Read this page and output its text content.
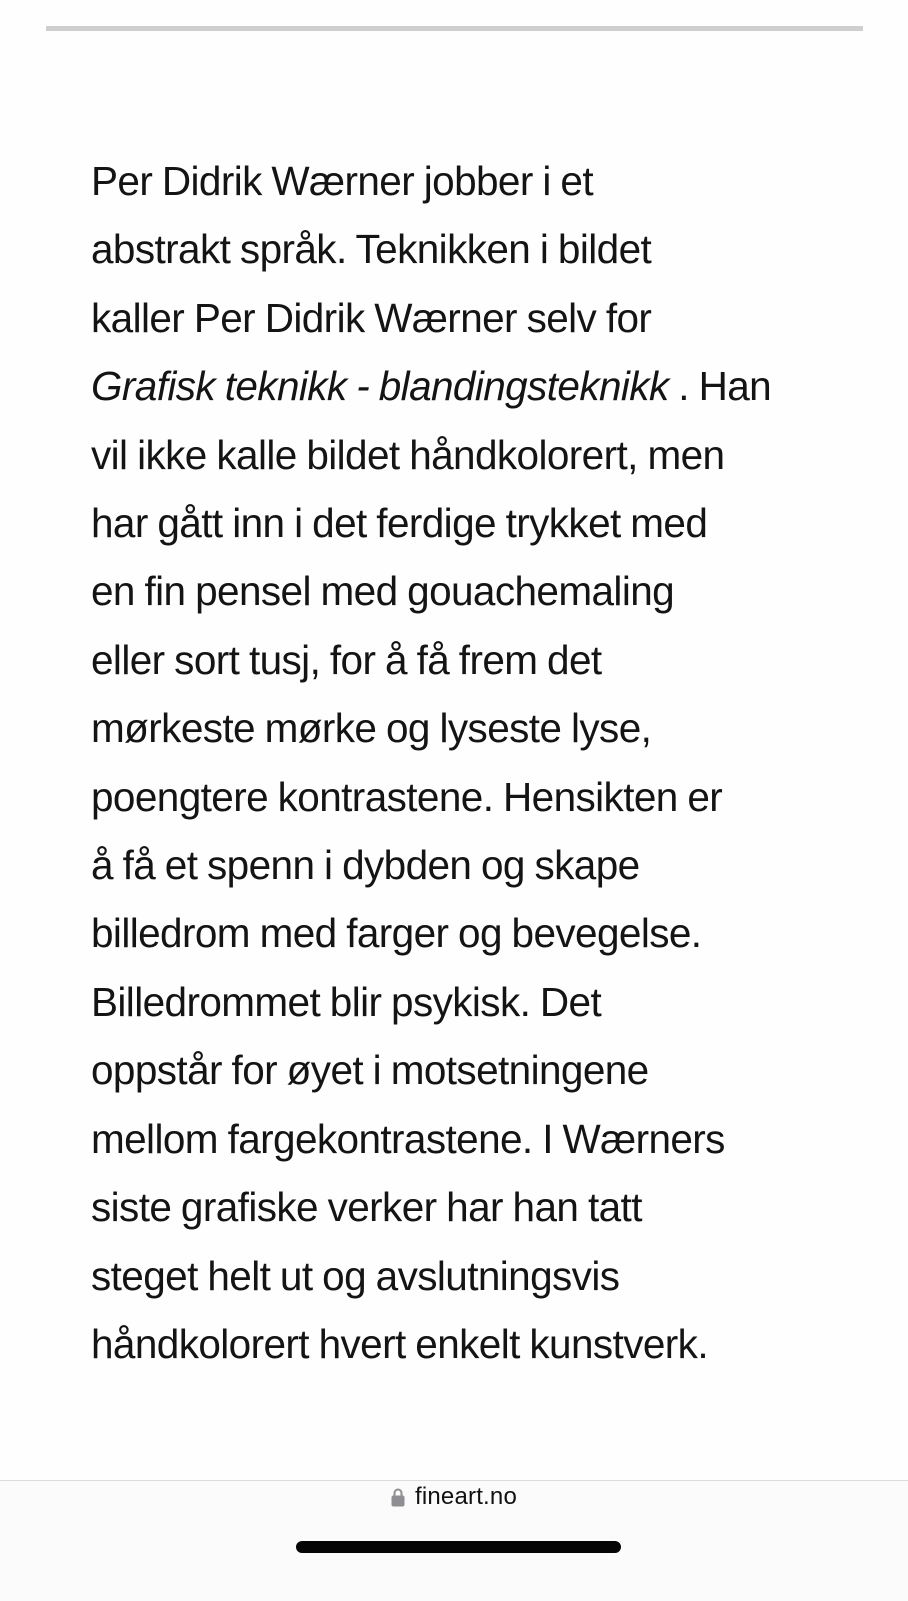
Per Didrik Wærner jobber i et
abstrakt språk. Teknikken i bildet
kaller Per Didrik Wærner selv for
Grafisk teknikk - blandingsteknikk . Han
vil ikke kalle bildet håndkolorert, men
har gått inn i det ferdige trykket med
en fin pensel med gouachemaling
eller sort tusj, for å få frem det
mørkeste mørke og lyseste lyse,
poengtere kontrastene. Hensikten er
å få et spenn i dybden og skape
billedrom med farger og bevegelse.
Billedrommet blir psykisk. Det
oppstår for øyet i motsetningene
mellom fargekontrastene. I Wærners
siste grafiske verker har han tatt
steget helt ut og avslutningsvis
håndkolorert hvert enkelt kunstverk.

fineart.no
